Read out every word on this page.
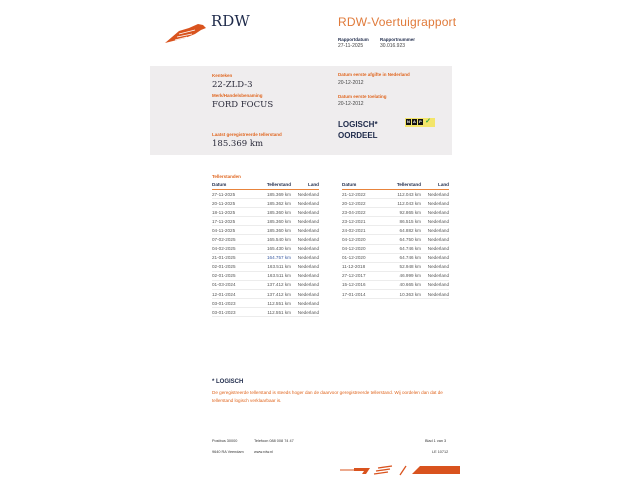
RDW	RDW-Voertuigrapport
Rapportdatum
27-11-2025
Rapportnummer
30.016.923
Kenteken
22-ZLD-3
Merk/Handelsbenaming
FORD FOCUS
Laatst geregistreerde tellerstand
185.369 km
Datum eerste afgifte in Nederland
20-12-2012
Datum eerste toelating
20-12-2012
LOGISCH*
OORDEEL
N A P ✓
Tellerstanden
Datum	Tellerstand	Land
27-11-2025	185.369 km	Nederland
20-11-2025	185.362 km	Nederland
18-11-2025	185.360 km	Nederland
17-11-2025	185.360 km	Nederland
04-11-2025	185.360 km	Nederland
07-02-2025	165.540 km	Nederland
04-02-2025	165.430 km	Nederland
21-01-2025	164.757 km	Nederland
02-01-2025	163.511 km	Nederland
02-01-2025	163.511 km	Nederland
01-03-2024	137.412 km	Nederland
12-01-2024	137.412 km	Nederland
03-01-2023	112.551 km	Nederland
03-01-2023	112.551 km	Nederland
Datum	Tellerstand	Land
21-12-2022	112.043 km	Nederland
20-12-2022	112.043 km	Nederland
23-04-2022	92.865 km	Nederland
23-12-2021	86.515 km	Nederland
24-02-2021	64.882 km	Nederland
04-12-2020	64.750 km	Nederland
04-12-2020	64.746 km	Nederland
01-12-2020	64.746 km	Nederland
11-12-2018	52.948 km	Nederland
27-12-2017	46.999 km	Nederland
15-12-2016	40.665 km	Nederland
17-01-2014	10.363 km	Nederland
* LOGISCH
De geregistreerde tellerstand is steeds hoger dan de daarvoor geregistreerde tellerstand. Wij oordelen dan dat de tellerstand logisch verklaarbaar is.
Postbus 30000
9640 RA Veendam
Telefoon 088 008 74 47
www.rdw.nl
Blad 1 van 3
LE 10712
